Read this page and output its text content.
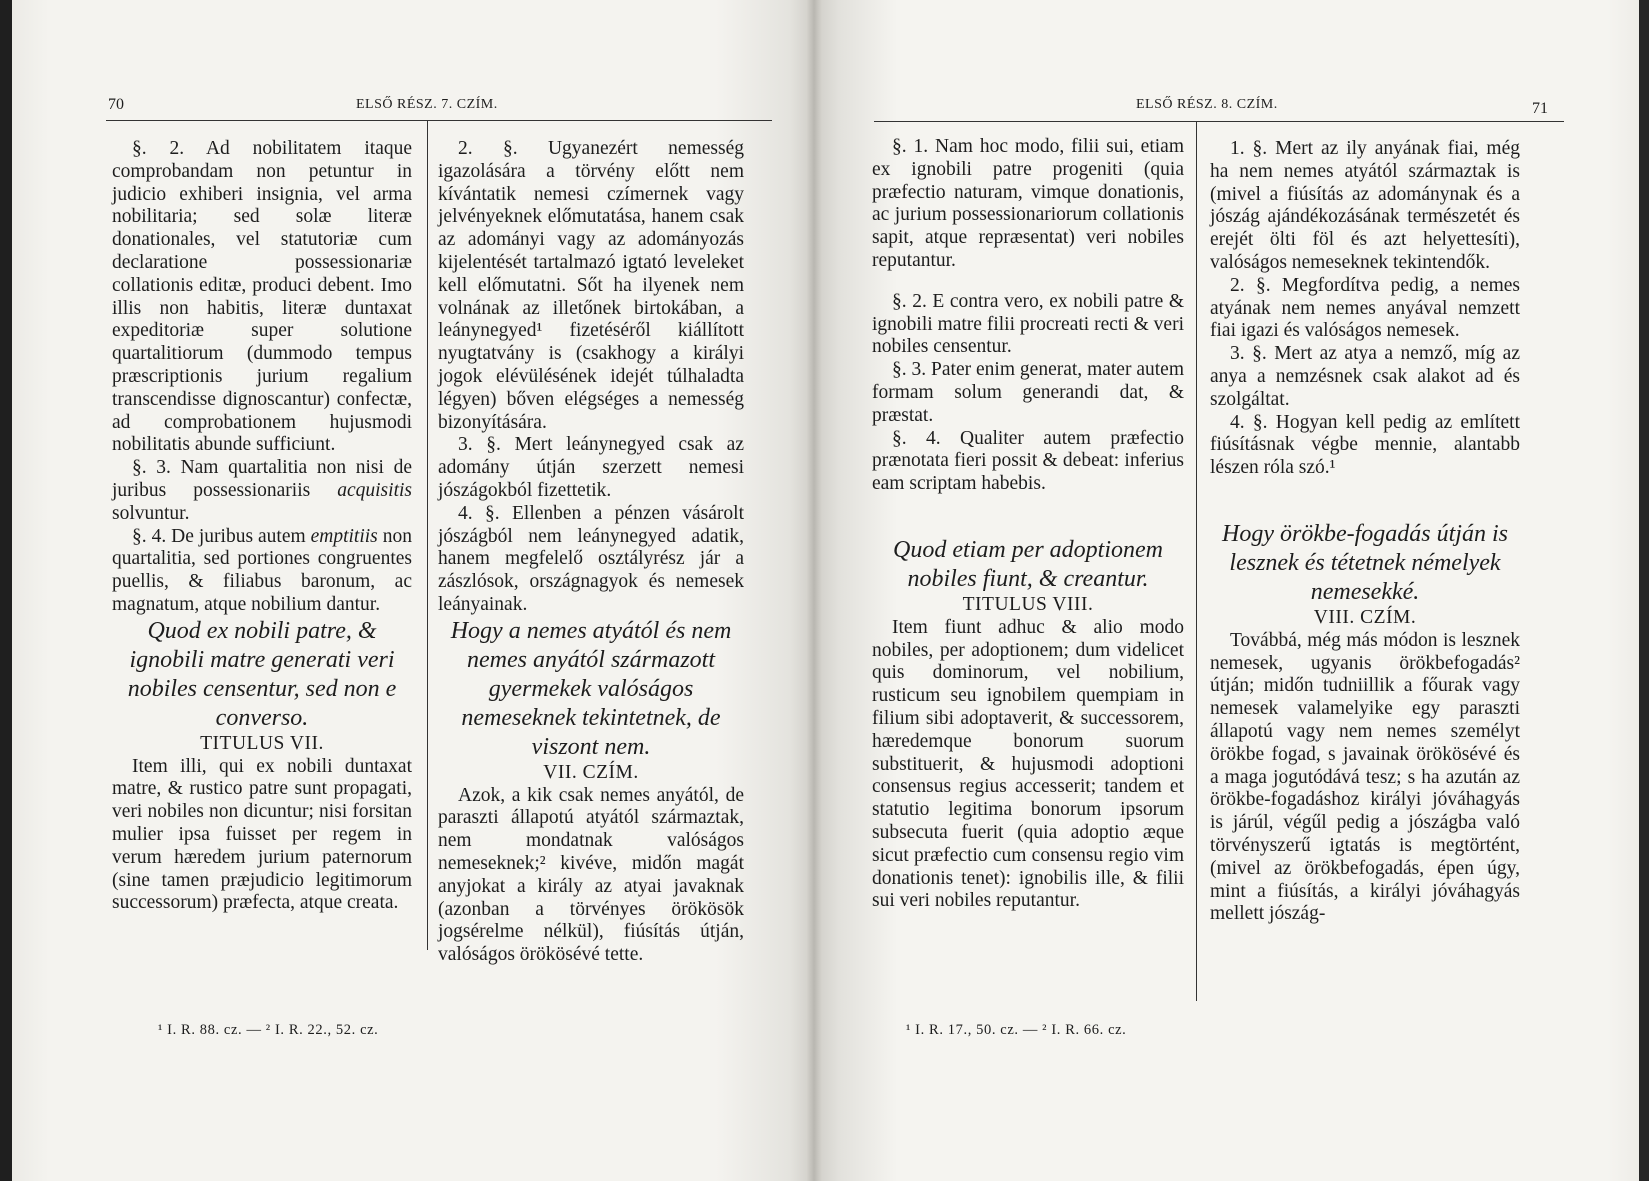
70	ELSŐ RÉSZ. 7. CZÍM.

§. 2. Ad nobilitatem itaque comprobandam non petuntur in judicio exhiberi insignia, vel arma nobilitaria; sed solæ literæ donationales, vel statutoriæ cum declaratione possessionariæ collationis editæ, produci debent. Imo illis non habitis, literæ duntaxat expeditoriæ super solutione quartalitiorum (dummodo tempus præscriptionis jurium regalium transcendisse dignoscantur) confectæ, ad comprobationem hujusmodi nobilitatis abunde sufficiunt.

§. 3. Nam quartalitia non nisi de juribus possessionariis acquisitis solvuntur.

§. 4. De juribus autem emptitiis non quartalitia, sed portiones congruentes puellis, & filiabus baronum, ac magnatum, atque nobilium dantur.

Quod ex nobili patre, & ignobili matre generati veri nobiles censentur, sed non e converso.

TITULUS VII.

Item illi, qui ex nobili duntaxat matre, & rustico patre sunt propagati, veri nobiles non dicuntur; nisi forsitan mulier ipsa fuisset per regem in verum hæredem jurium paternorum (sine tamen præjudicio legitimorum successorum) præfecta, atque creata.

2. §. Ugyanezért nemesség igazolására a törvény előtt nem kívántatik nemesi czímernek vagy jelvényeknek előmutatása, hanem csak az adományi vagy az adományozás kijelentését tartalmazó igtató leveleket kell előmutatni. Sőt ha ilyenek nem volnának az illetőnek birtokában, a leánynegyed¹ fizetéséről kiállított nyugtatvány is (csakhogy a királyi jogok elévülésének idejét túlhaladta légyen) bőven elégséges a nemesség bizonyítására.

3. §. Mert leánynegyed csak az adomány útján szerzett nemesi jószágokból fizettetik.

4. §. Ellenben a pénzen vásárolt jószágból nem leánynegyed adatik, hanem megfelelő osztályrész jár a zászlósok, országnagyok és nemesek leányainak.

Hogy a nemes atyától és nem nemes anyától származott gyermekek valóságos nemeseknek tekintetnek, de viszont nem.

VII. CZÍM.

Azok, a kik csak nemes anyától, de paraszti állapotú atyától származtak, nem mondatnak valóságos nemeseknek;² kivéve, midőn magát anyjokat a király az atyai javaknak (azonban a törvényes örökösök jogsérelme nélkül), fiúsítás útján, valóságos örökösévé tette.

¹ I. R. 88. cz. — ² I. R. 22., 52. cz.
ELSŐ RÉSZ. 8. CZÍM.	71

§. 1. Nam hoc modo, filii sui, etiam ex ignobili patre progeniti (quia præfectio naturam, vimque donationis, ac jurium possessionariorum collationis sapit, atque repræsentat) veri nobiles reputantur.

§. 2. E contra vero, ex nobili patre & ignobili matre filii procreati recti & veri nobiles censentur.

§. 3. Pater enim generat, mater autem formam solum generandi dat, & præstat.

§. 4. Qualiter autem præfectio prænotata fieri possit & debeat: inferius eam scriptam habebis.

Quod etiam per adoptionem nobiles fiunt, & creantur.

TITULUS VIII.

Item fiunt adhuc & alio modo nobiles, per adoptionem; dum videlicet quis dominorum, vel nobilium, rusticum seu ignobilem quempiam in filium sibi adoptaverit, & successorem, hæredemque bonorum suorum substituerit, & hujusmodi adoptioni consensus regius accesserit; tandem et statutio legitima bonorum ipsorum subsecuta fuerit (quia adoptio æque sicut præfectio cum consensu regio vim donationis tenet): ignobilis ille, & filii sui veri nobiles reputantur.

1. §. Mert az ily anyának fiai, még ha nem nemes atyától származtak is (mivel a fiúsítás az adománynak és a jószág ajándékozásának természetét és erejét ölti föl és azt helyettesíti), valóságos nemeseknek tekintendők.

2. §. Megfordítva pedig, a nemes atyának nem nemes anyával nemzett fiai igazi és valóságos nemesek.

3. §. Mert az atya a nemző, míg az anya a nemzésnek csak alakot ad és szolgáltat.

4. §. Hogyan kell pedig az említett fiúsításnak végbe mennie, alantabb lészen róla szó.¹

Hogy örökbe-fogadás útján is lesznek és tétetnek némelyek nemesekké.

VIII. CZÍM.

Továbbá, még más módon is lesznek nemesek, ugyanis örökbefogadás² útján; midőn tudniillik a főurak vagy nemesek valamelyike egy paraszti állapotú vagy nem nemes személyt örökbe fogad, s javainak örökösévé és a maga jogutódává tesz; s ha azután az örökbe-fogadáshoz királyi jóváhagyás is járúl, végűl pedig a jószágba való törvényszerű igtatás is megtörtént, (mivel az örökbefogadás, épen úgy, mint a fiúsítás, a királyi jóváhagyás mellett jószág-

¹ I. R. 17., 50. cz. — ² I. R. 66. cz.
